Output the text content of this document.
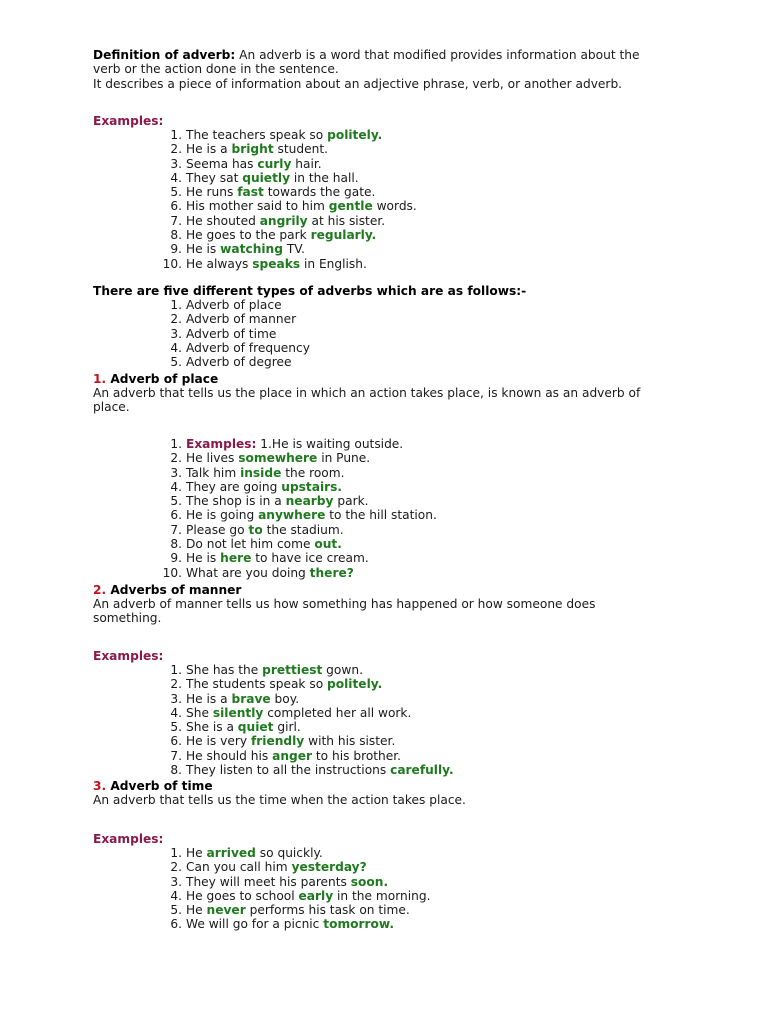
Definition of adverb: An adverb is a word that modified provides information about the
verb or the action done in the sentence.
It describes a piece of information about an adjective phrase, verb, or another adverb.
Examples:
1. The teachers speak so politely.
2. He is a bright student.
3. Seema has curly hair.
4. They sat quietly in the hall.
5. He runs fast towards the gate.
6. His mother said to him gentle words.
7. He shouted angrily at his sister.
8. He goes to the park regularly.
9. He is watching TV.
10. He always speaks in English.
There are five different types of adverbs which are as follows:-
1. Adverb of place
2. Adverb of manner
3. Adverb of time
4. Adverb of frequency
5. Adverb of degree
1. Adverb of place
An adverb that tells us the place in which an action takes place, is known as an adverb of
place.
1. Examples: 1.He is waiting outside.
2. He lives somewhere in Pune.
3. Talk him inside the room.
4. They are going upstairs.
5. The shop is in a nearby park.
6. He is going anywhere to the hill station.
7. Please go to the stadium.
8. Do not let him come out.
9. He is here to have ice cream.
10. What are you doing there?
2. Adverbs of manner
An adverb of manner tells us how something has happened or how someone does
something.
Examples:
1. She has the prettiest gown.
2. The students speak so politely.
3. He is a brave boy.
4. She silently completed her all work.
5. She is a quiet girl.
6. He is very friendly with his sister.
7. He should his anger to his brother.
8. They listen to all the instructions carefully.
3. Adverb of time
An adverb that tells us the time when the action takes place.
Examples:
1. He arrived so quickly.
2. Can you call him yesterday?
3. They will meet his parents soon.
4. He goes to school early in the morning.
5. He never performs his task on time.
6. We will go for a picnic tomorrow.
